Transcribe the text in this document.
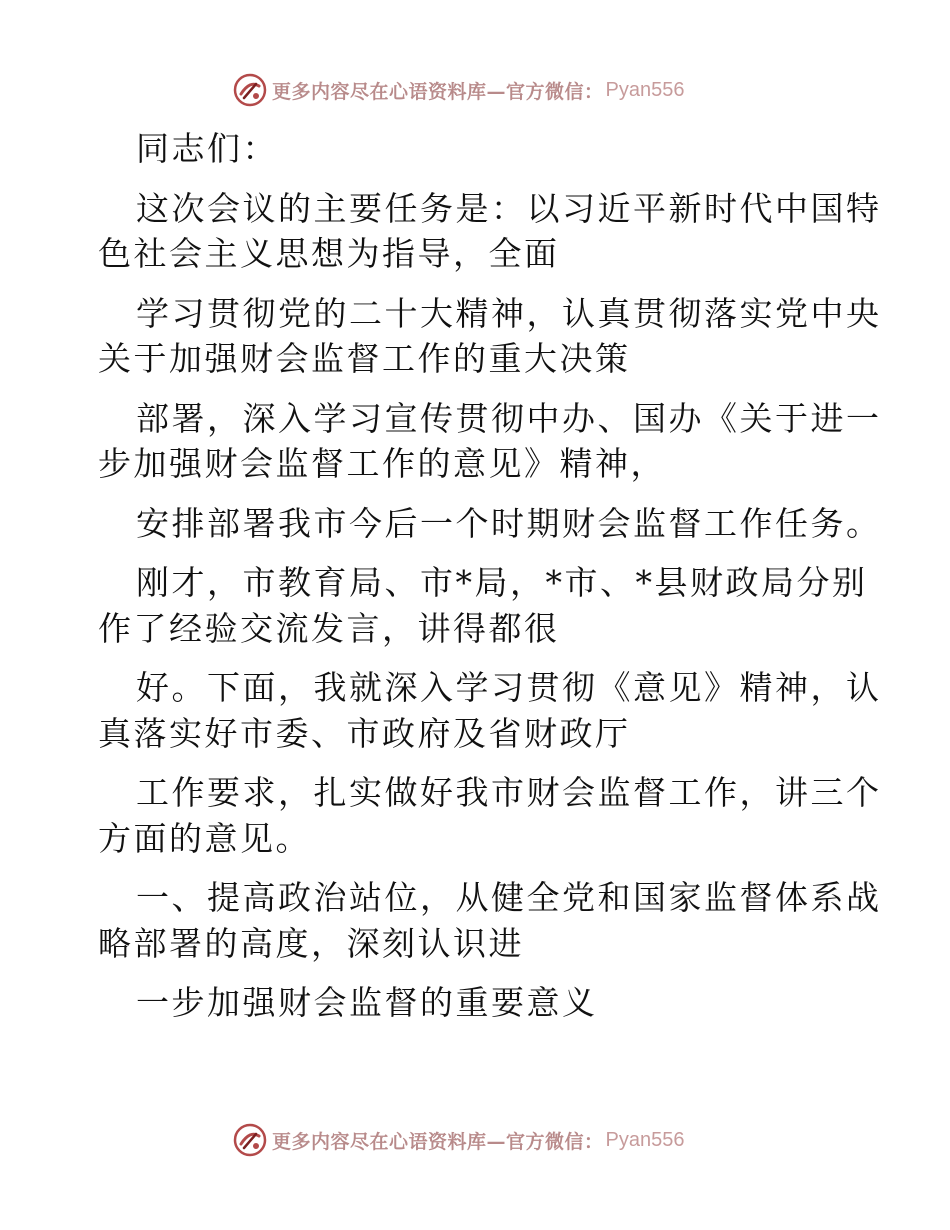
更多内容尽在心语资料库—官方微信： Pyan556
同志们：
这次会议的主要任务是：以习近平新时代中国特
色社会主义思想为指导，全面
学习贯彻党的二十大精神，认真贯彻落实党中央
关于加强财会监督工作的重大决策
部署，深入学习宣传贯彻中办、国办《关于进一
步加强财会监督工作的意见》精神，
安排部署我市今后一个时期财会监督工作任务。
刚才，市教育局、市*局，*市、*县财政局分别
作了经验交流发言，讲得都很
好。下面，我就深入学习贯彻《意见》精神，认
真落实好市委、市政府及省财政厅
工作要求，扎实做好我市财会监督工作，讲三个
方面的意见。
一、提高政治站位，从健全党和国家监督体系战
略部署的高度，深刻认识进
一步加强财会监督的重要意义
更多内容尽在心语资料库—官方微信： Pyan556
